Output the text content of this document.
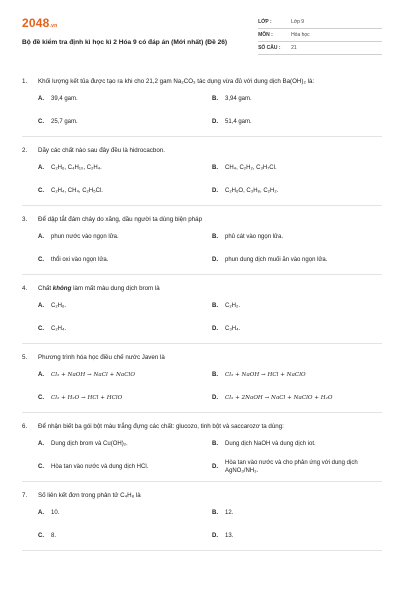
2048.vn
Bộ đề kiểm tra định kì học kì 2 Hóa 9 có đáp án (Mới nhất) (Đề 26)
LỚP :	Lớp 9
MÔN :	Hóa học
SỐ CÂU :	21
1.	Khối lượng kết tủa được tạo ra khi cho 21,2 gam Na₂CO₃ tác dụng vừa đủ với dung dịch Ba(OH)₂ là:
A.	39,4 gam.	B.	3,94 gam.
C.	25,7 gam.	D.	51,4 gam.
2.	Dãy các chất nào sau đây đều là hidrocacbon.
A.	C₂H₆, C₄H₁₀, C₂H₄.	B.	CH₄, C₂H₂, C₃H₇Cl.
C.	C₂H₄, CH₄, C₂H₅Cl.	D.	C₂H₆O, C₃H₈, C₂H₂.
3.	Để dập tắt đám cháy do xăng, dầu người ta dùng biện pháp
A.	phun nước vào ngọn lửa.	B.	phủ cát vào ngọn lửa.
C.	thổi oxi vào ngọn lửa.	D.	phun dung dịch muối ăn vào ngọn lửa.
4.	Chất không làm mất màu dung dịch brom là
A.	C₂H₆.	B.	C₂H₂.
C.	C₂H₄.	D.	C₃H₄.
5.	Phương trình hóa học điều chế nước Javen là
A.	Cl₂ + NaOH → NaCl + NaClO	B.	Cl₂ + NaOH → HCl + NaClO
C.	Cl₂ + H₂O → HCl + HClO	D.	Cl₂ + 2NaOH → NaCl + NaClO + H₂O
6.	Để nhận biết ba gói bột màu trắng đựng các chất: glucozo, tinh bột và saccarozơ ta dùng:
A.	Dung dịch brom và Cu(OH)₂.	B.	Dung dịch NaOH và dung dịch iot.
C.	Hòa tan vào nước và dung dịch HCl.	D.
Hòa tan vào nước và cho phản ứng với dung dịch AgNO₃/NH₃.
7.	Số liên kết đơn trong phân tử C₄H₈ là
A.	10.	B.	12.
C.	8.	D.	13.
